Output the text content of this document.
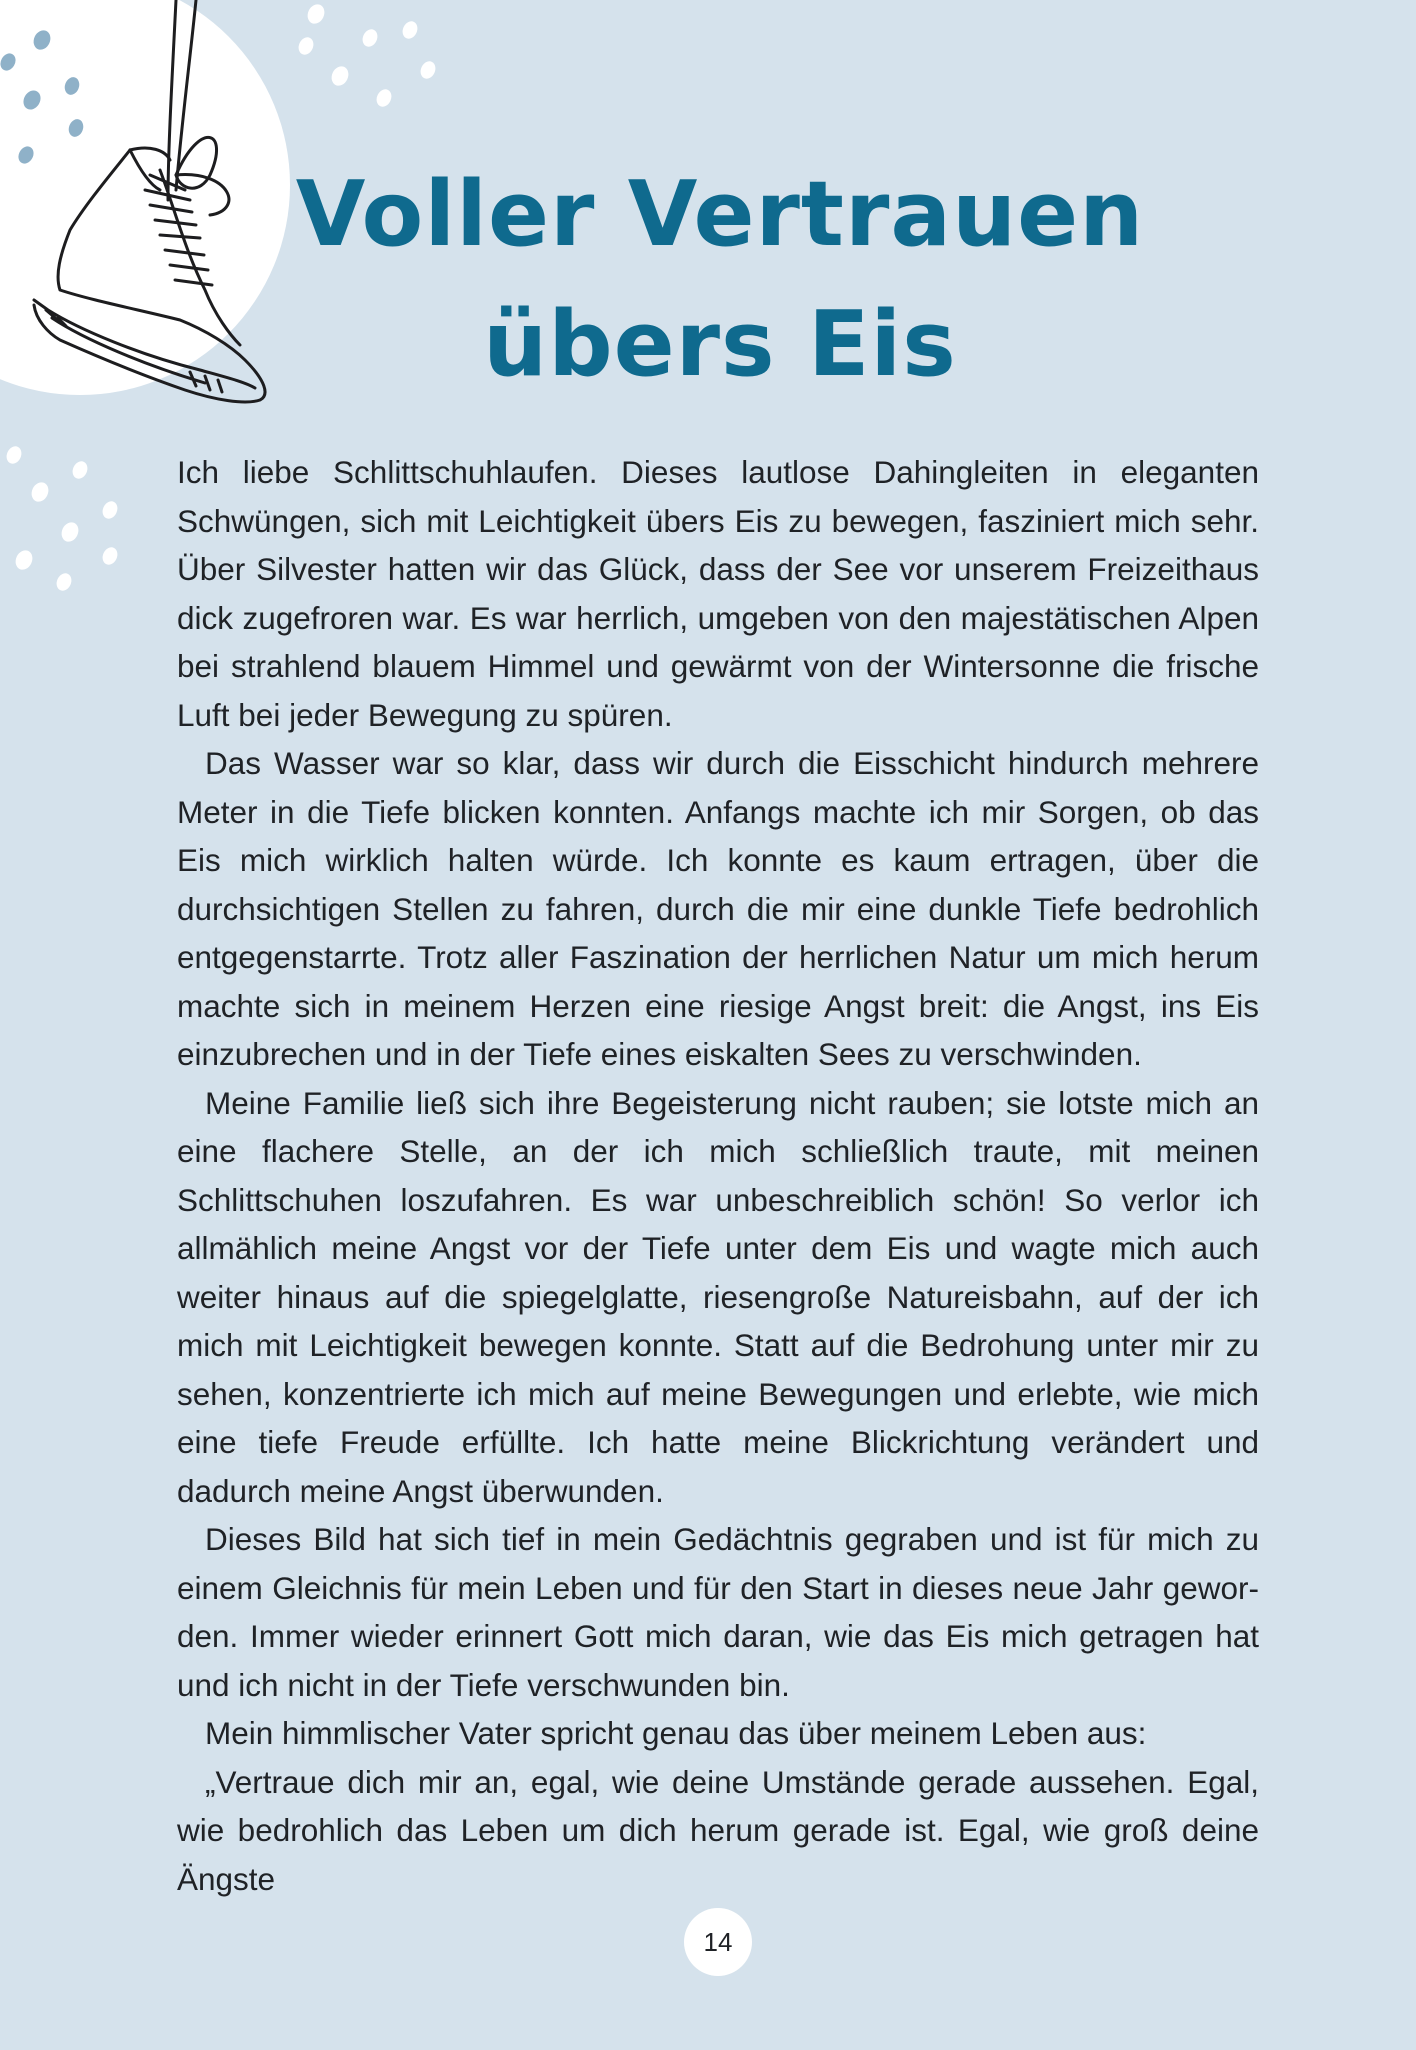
Voller Vertrauen
übers Eis

Ich liebe Schlittschuhlaufen. Dieses lautlose Dahingleiten in eleganten Schwüngen, sich mit Leichtigkeit übers Eis zu bewegen, fasziniert mich sehr. Über Silvester hatten wir das Glück, dass der See vor unserem Freizeithaus dick zugefroren war. Es war herrlich, umgeben von den majestätischen Alpen bei strahlend blauem Himmel und gewärmt von der Wintersonne die frische Luft bei jeder Bewegung zu spüren.

Das Wasser war so klar, dass wir durch die Eisschicht hindurch mehrere Meter in die Tiefe blicken konnten. Anfangs machte ich mir Sorgen, ob das Eis mich wirklich halten würde. Ich konnte es kaum ertragen, über die durchsichtigen Stellen zu fahren, durch die mir eine dunkle Tiefe bedrohlich entgegenstarrte. Trotz aller Faszination der herrlichen Natur um mich herum machte sich in meinem Herzen eine riesige Angst breit: die Angst, ins Eis einzubrechen und in der Tiefe eines eiskalten Sees zu verschwinden.

Meine Familie ließ sich ihre Begeisterung nicht rauben; sie lotste mich an eine flachere Stelle, an der ich mich schließlich traute, mit meinen Schlittschuhen loszufahren. Es war unbeschreiblich schön! So verlor ich allmählich meine Angst vor der Tiefe unter dem Eis und wagte mich auch weiter hinaus auf die spiegelglatte, riesengroße Natureisbahn, auf der ich mich mit Leichtigkeit bewegen konnte. Statt auf die Bedrohung unter mir zu sehen, konzentrierte ich mich auf meine Bewegungen und erlebte, wie mich eine tiefe Freude erfüllte. Ich hatte meine Blickrichtung verändert und dadurch meine Angst überwunden.

Dieses Bild hat sich tief in mein Gedächtnis gegraben und ist für mich zu einem Gleichnis für mein Leben und für den Start in dieses neue Jahr geworden. Immer wieder erinnert Gott mich daran, wie das Eis mich getragen hat und ich nicht in der Tiefe verschwunden bin.

Mein himmlischer Vater spricht genau das über meinem Leben aus:

„Vertraue dich mir an, egal, wie deine Umstände gerade aussehen. Egal, wie bedrohlich das Leben um dich herum gerade ist. Egal, wie groß deine Ängste

14
